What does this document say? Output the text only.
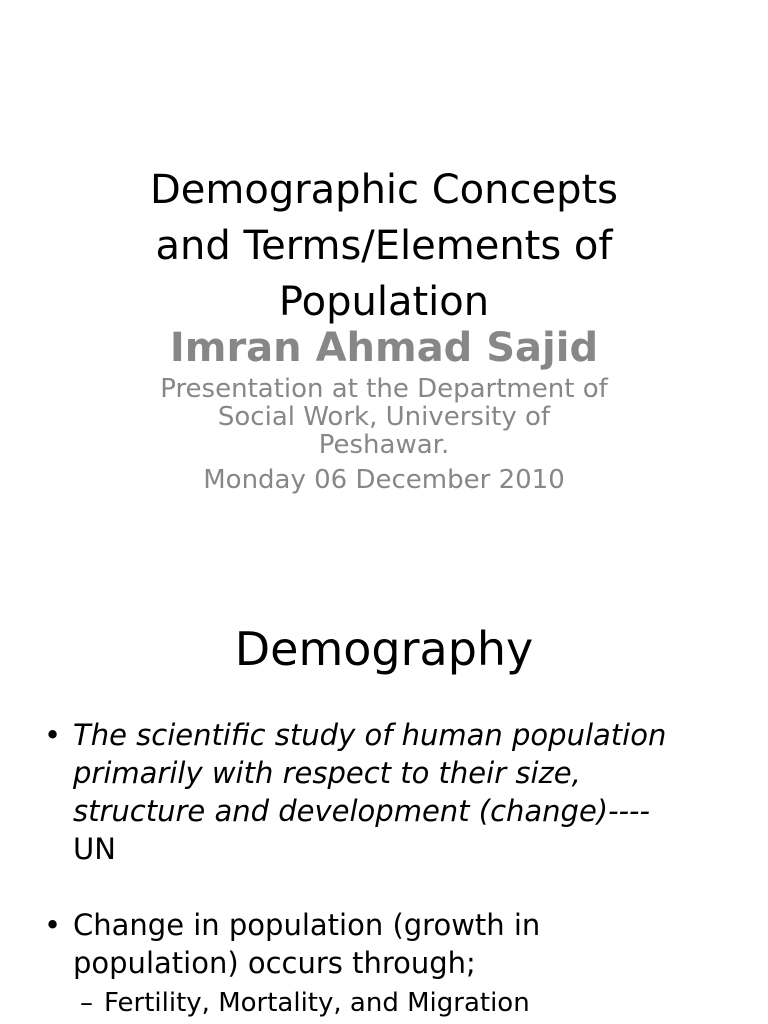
Demographic Concepts
and Terms/Elements of
Population

Imran Ahmad Sajid

Presentation at the Department of
Social Work, University of
Peshawar.

Monday 06 December 2010

Demography
• The scientific study of human population
primarily with respect to their size,
structure and development (change)----
UN
• Change in population (growth in
population) occurs through;
– Fertility, Mortality, and Migration
